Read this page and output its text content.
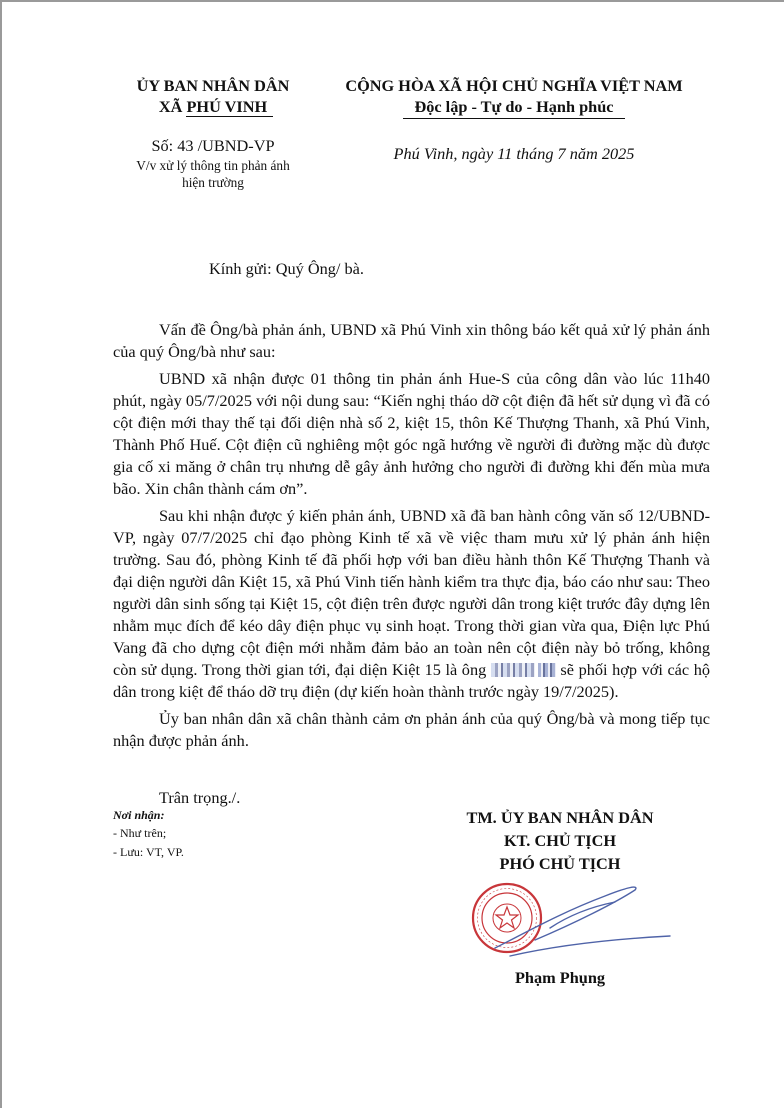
ỦY BAN NHÂN DÂN
XÃ PHÚ VINH
CỘNG HÒA XÃ HỘI CHỦ NGHĨA VIỆT NAM
Độc lập - Tự do - Hạnh phúc
Số: 43 /UBND-VP
V/v xử lý thông tin phản ánh
hiện trường
Phú Vinh, ngày 11 tháng 7 năm 2025
Kính gửi: Quý Ông/ bà.

Vấn đề Ông/bà phản ánh, UBND xã Phú Vinh xin thông báo kết quả xử lý phản ánh của quý Ông/bà như sau:

UBND xã nhận được 01 thông tin phản ánh Hue-S của công dân vào lúc 11h40 phút, ngày 05/7/2025 với nội dung sau: “Kiến nghị tháo dỡ cột điện đã hết sử dụng vì đã có cột điện mới thay thế tại đối diện nhà số 2, kiệt 15, thôn Kế Thượng Thanh, xã Phú Vinh, Thành Phố Huế. Cột điện cũ nghiêng một góc ngã hướng về người đi đường mặc dù được gia cố xi măng ở chân trụ nhưng dễ gây ảnh hưởng cho người đi đường khi đến mùa mưa bão. Xin chân thành cám ơn”.

Sau khi nhận được ý kiến phản ánh, UBND xã đã ban hành công văn số 12/UBND-VP, ngày 07/7/2025 chỉ đạo phòng Kinh tế xã về việc tham mưu xử lý phản ánh hiện trường. Sau đó, phòng Kinh tế đã phối hợp với ban điều hành thôn Kế Thượng Thanh và đại diện người dân Kiệt 15, xã Phú Vinh tiến hành kiểm tra thực địa, báo cáo như sau: Theo người dân sinh sống tại Kiệt 15, cột điện trên được người dân trong kiệt trước đây dựng lên nhằm mục đích để kéo dây điện phục vụ sinh hoạt. Trong thời gian vừa qua, Điện lực Phú Vang đã cho dựng cột điện mới nhằm đảm bảo an toàn nên cột điện này bỏ trống, không còn sử dụng. Trong thời gian tới, đại diện Kiệt 15 là ông	sẽ phối hợp với các hộ dân trong kiệt để tháo dỡ trụ điện (dự kiến hoàn thành trước ngày 19/7/2025).

Ủy ban nhân dân xã chân thành cảm ơn phản ánh của quý Ông/bà và mong tiếp tục nhận được phản ánh.

Trân trọng./.
Nơi nhận:
- Như trên;
- Lưu: VT, VP.
TM. ỦY BAN NHÂN DÂN
KT. CHỦ TỊCH
PHÓ CHỦ TỊCH
Phạm Phụng
